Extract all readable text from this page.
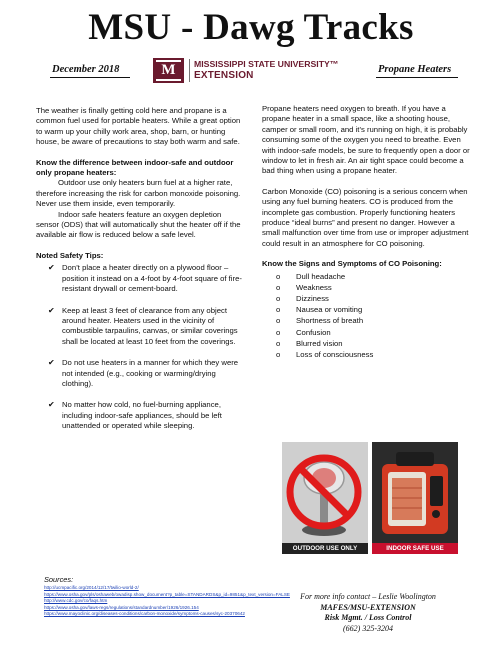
MSU - Dawg Tracks
December 2018	M	MISSISSIPPI STATE UNIVERSITY™
EXTENSION
Propane Heaters

The weather is finally getting cold here and propane is a common fuel used for portable heaters. While a great option to warm up your chilly work area, shop, barn, or hunting house, be aware of precautions to stay both warm and safe.

Know the difference between indoor-safe and outdoor only propane heaters:

Outdoor use only heaters burn fuel at a higher rate, therefore increasing the risk for carbon monoxide poisoning. Never use them inside, even temporarily.

Indoor safe heaters feature an oxygen depletion sensor (ODS) that will automatically shut the heater off if the available air flow is reduced below a safe level.

Noted Safety Tips:

✔ Don’t place a heater directly on a plywood floor – position it instead on a 4-foot by 4-foot square of fire-resistant drywall or cement-board.
✔ Keep at least 3 feet of clearance from any object around heater. Heaters used in the vicinity of combustible tarpaulins, canvas, or similar coverings shall be located at least 10 feet from the coverings.
✔ Do not use heaters in a manner for which they were not intended (e.g., cooking or warming/drying clothing).
✔ No matter how cold, no fuel-burning appliance, including indoor-safe appliances, should be left unattended or operated while sleeping.

Propane heaters need oxygen to breath. If you have a propane heater in a small space, like a shooting house, camper or small room, and it’s running on high, it is probably consuming some of the oxygen you need to breathe. Even with indoor-safe models, be sure to frequently open a door or window to let in fresh air. An air tight space could become a bad thing when using a propane heater.

Carbon Monoxide (CO) poisoning is a serious concern when using any fuel burning heaters. CO is produced from the incomplete gas combustion. Properly functioning heaters produce “ideal burns” and present no danger. However a small malfunction over time from use or improper adjustment could result in an atmosphere for CO poisoning.

Know the Signs and Symptoms of CO Poisoning:

o Dull headache
o Weakness
o Dizziness
o Nausea or vomiting
o Shortness of breath
o Confusion
o Blurred vision
o Loss of consciousness
OUTDOOR USE ONLY	INDOOR SAFE USE
Sources:
http://ucmpacific.org/2014/12/17/twilio-world-2/
https://www.osha.gov/pls/oshaweb/owadisp.show_document?p_table=STANDARDS&p_id=9851&p_text_version=FALSE
http://www.cdc.gov/co/faqs.htm
https://www.osha.gov/laws-regs/regulations/standardnumber/1926/1926.154
https://www.mayoclinic.org/diseases-conditions/carbon-monoxide/symptoms-causes/syc-20370642
For more info contact – Leslie Woolington
MAFES/MSU-EXTENSION
Risk Mgmt. / Loss Control
(662) 325-3204
